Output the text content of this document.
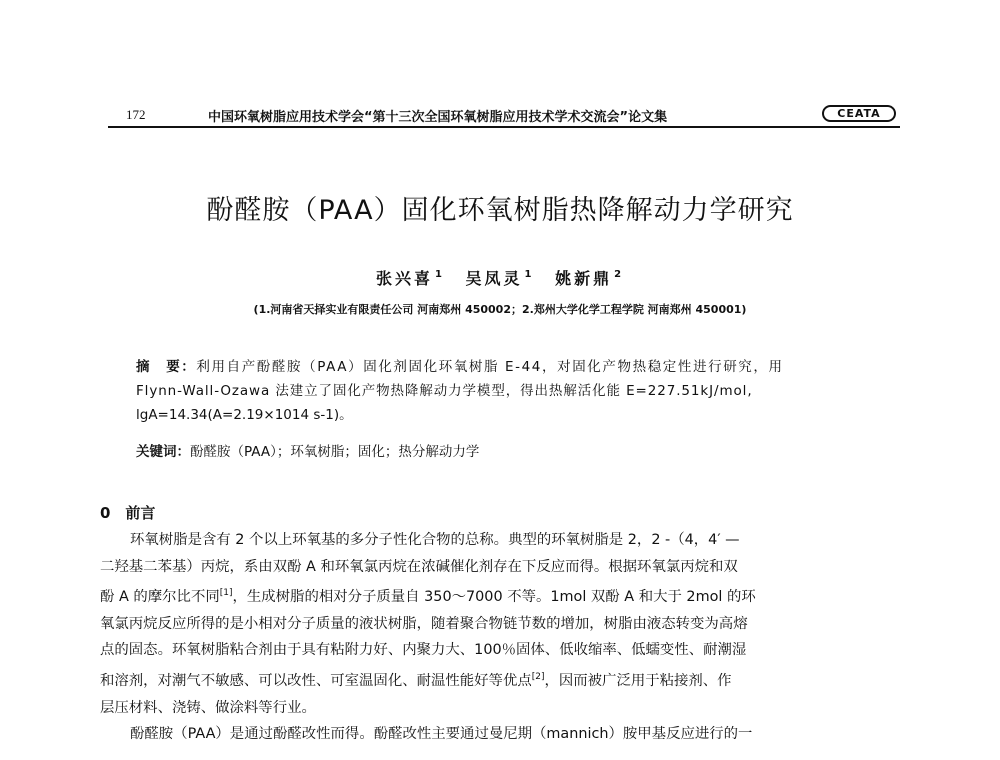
172	中国环氧树脂应用技术学会“第十三次全国环氧树脂应用技术学术交流会”论文集	CEATA
酚醛胺（PAA）固化环氧树脂热降解动力学研究
张兴喜 $^1$ 吴凤灵 $^1$ 姚新鼎 $^2$
(1.河南省天择实业有限责任公司 河南郑州 450002；2.郑州大学化学工程学院 河南郑州 450001)
摘　要：利用自产酚醛胺（PAA）固化剂固化环氧树脂 E-44，对固化产物热稳定性进行研究，用
Flynn-Wall-Ozawa 法建立了固化产物热降解动力学模型，得出热解活化能 E=227.51kJ/mol,
lgA=14.34(A=2.19×1014 s-1)。
关键词：酚醛胺（PAA）；环氧树脂；固化；热分解动力学
0　前言
环氧树脂是含有 2 个以上环氧基的多分子性化合物的总称。典型的环氧树脂是 2，2 -（4，4′ —
二羟基二苯基）丙烷，系由双酚 A 和环氧氯丙烷在浓碱催化剂存在下反应而得。根据环氧氯丙烷和双
酚 A 的摩尔比不同[1]，生成树脂的相对分子质量自 350～7000 不等。1mol 双酚 A 和大于 2mol 的环
氧氯丙烷反应所得的是小相对分子质量的液状树脂，随着聚合物链节数的增加，树脂由液态转变为高熔
点的固态。环氧树脂粘合剂由于具有粘附力好、内聚力大、100％固体、低收缩率、低蠕变性、耐潮湿
和溶剂，对潮气不敏感、可以改性、可室温固化、耐温性能好等优点[2]，因而被广泛用于粘接剂、作
层压材料、浇铸、做涂料等行业。
酚醛胺（PAA）是通过酚醛改性而得。酚醛改性主要通过曼尼期（mannich）胺甲基反应进行的一
